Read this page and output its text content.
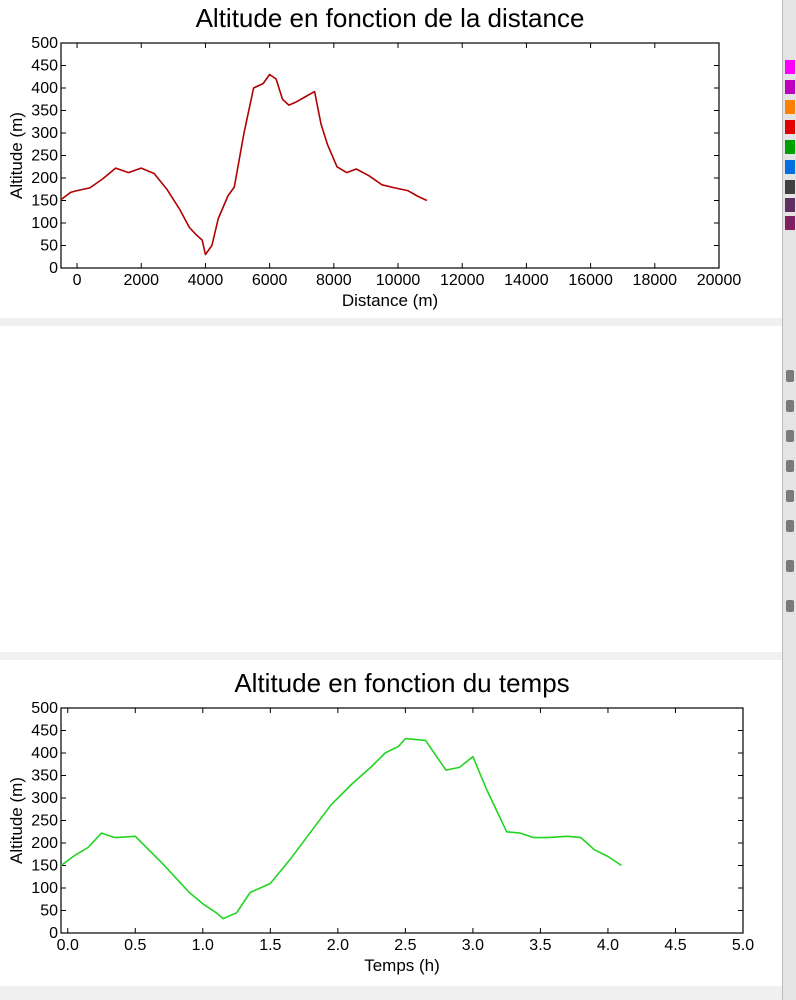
Altitude en fonction de la distance
0	2000 4000 6000 8000 10000 12000 14000 16000 18000 20000
0
50
100
150
200
250
300
350
400
450
500
Distance (m)
Altitude (m)
Altitude en fonction du temps
0.0	0.5	1.0	1.5	2.0	2.5	3.0	3.5	4.0	4.5	5.0
0
50
100
150
200
250
300
350
400
450
500
Temps (h)
Altitude (m)
